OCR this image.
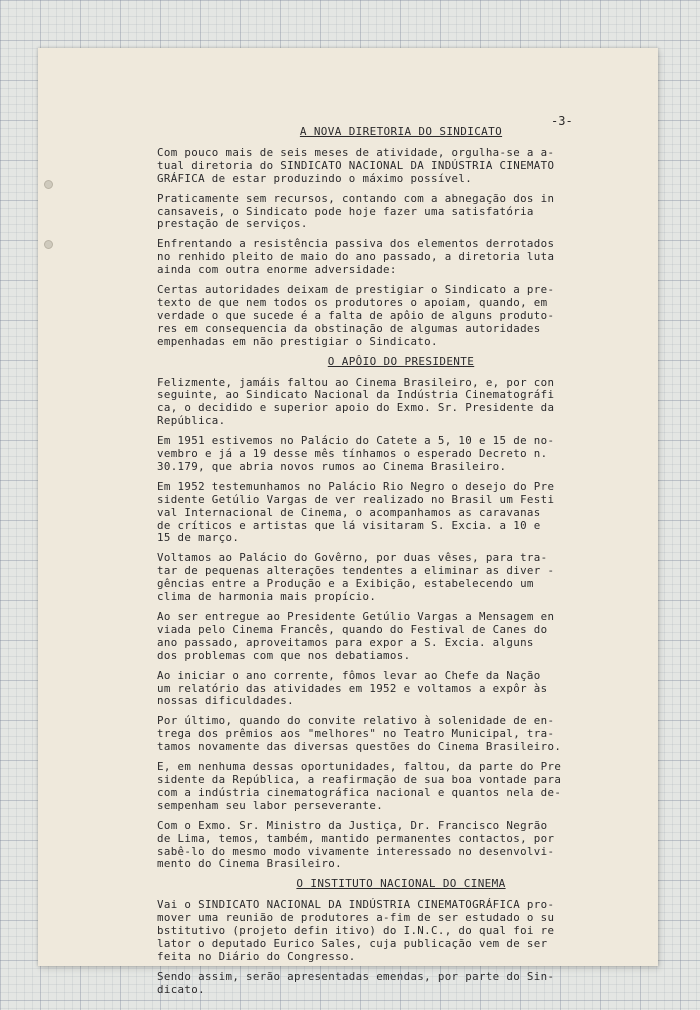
-3-
A NOVA DIRETORIA DO SINDICATO

Com pouco mais de seis meses de atividade, orgulha-se a a-
tual diretoria do SINDICATO NACIONAL DA INDÚSTRIA CINEMATO
GRÁFICA de estar produzindo o máximo possível.

Praticamente sem recursos, contando com a abnegação dos in
cansaveis, o Sindicato pode hoje fazer uma satisfatória
prestação de serviços.

Enfrentando a resistência passiva dos elementos derrotados
no renhido pleito de maio do ano passado, a diretoria luta
ainda com outra enorme adversidade:

Certas autoridades deixam de prestigiar o Sindicato a pre-
texto de que nem todos os produtores o apoiam, quando, em
verdade o que sucede é a falta de apôio de alguns produto-
res em consequencia da obstinação de algumas autoridades
empenhadas em não prestigiar o Sindicato.

O APÔIO DO PRESIDENTE

Felizmente, jamáis faltou ao Cinema Brasileiro, e, por con
seguinte, ao Sindicato Nacional da Indústria Cinematográfi
ca, o decidido e superior apoio do Exmo. Sr. Presidente da
República.

Em 1951 estivemos no Palácio do Catete a 5, 10 e 15 de no-
vembro e já a 19 desse mês tínhamos o esperado Decreto n.
30.179, que abria novos rumos ao Cinema Brasileiro.

Em 1952 testemunhamos no Palácio Rio Negro o desejo do Pre
sidente Getúlio Vargas de ver realizado no Brasil um Festi
val Internacional de Cinema, o acompanhamos as caravanas
de críticos e artistas que lá visitaram S. Excia. a 10 e
15 de março.

Voltamos ao Palácio do Govêrno, por duas vêses, para tra-
tar de pequenas alterações tendentes a eliminar as diver -
gências entre a Produção e a Exibição, estabelecendo um
clima de harmonia mais propício.

Ao ser entregue ao Presidente Getúlio Vargas a Mensagem en
viada pelo Cinema Francês, quando do Festival de Canes do
ano passado, aproveitamos para expor a S. Excia. alguns
dos problemas com que nos debatiamos.

Ao iniciar o ano corrente, fômos levar ao Chefe da Nação
um relatório das atividades em 1952 e voltamos a expôr às
nossas dificuldades.

Por último, quando do convite relativo à solenidade de en-
trega dos prêmios aos "melhores" no Teatro Municipal, tra-
tamos novamente das diversas questões do Cinema Brasileiro.

E, em nenhuma dessas oportunidades, faltou, da parte do Pre
sidente da República, a reafirmação de sua boa vontade para
com a indústria cinematográfica nacional e quantos nela de-
sempenham seu labor perseverante.

Com o Exmo. Sr. Ministro da Justiça, Dr. Francisco Negrão
de Lima, temos, também, mantido permanentes contactos, por
sabê-lo do mesmo modo vivamente interessado no desenvolvi-
mento do Cinema Brasileiro.

O INSTITUTO NACIONAL DO CINEMA

Vai o SINDICATO NACIONAL DA INDÚSTRIA CINEMATOGRÁFICA pro-
mover uma reunião de produtores a-fim de ser estudado o su
bstitutivo (projeto defin itivo) do I.N.C., do qual foi re
lator o deputado Eurico Sales, cuja publicação vem de ser
feita no Diário do Congresso.

Sendo assim, serão apresentadas emendas, por parte do Sin-
dicato.
